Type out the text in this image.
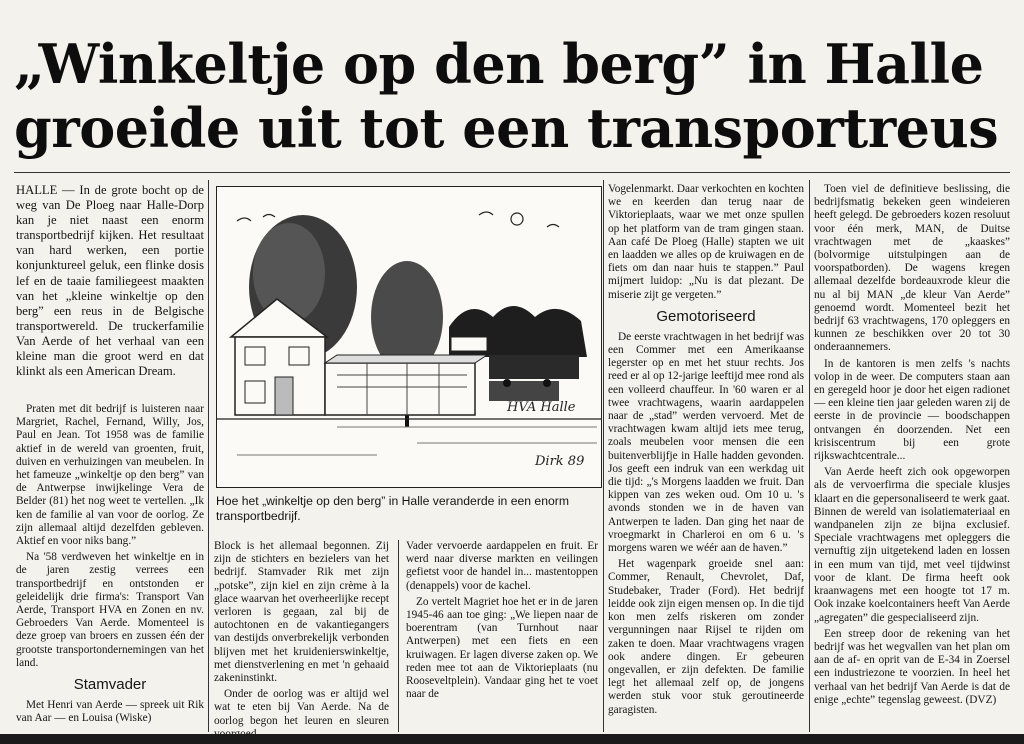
„Winkeltje op den berg” in Halle
groeide uit tot een transportreus

HALLE — In de grote bocht op de weg van De Ploeg naar Halle-Dorp kan je niet naast een enorm transportbedrijf kijken. Het resultaat van hard werken, een portie konjunktureel geluk, een flinke dosis lef en de taaie familiegeest maakten van het „kleine winkeltje op den berg” een reus in de Belgische transportwereld. De truckerfamilie Van Aerde of het verhaal van een kleine man die groot werd en dat klinkt als een American Dream.

Praten met dit bedrijf is luisteren naar Margriet, Rachel, Fernand, Willy, Jos, Paul en Jean. Tot 1958 was de familie aktief in de wereld van groenten, fruit, duiven en verhuizingen van meubelen. In het fameuze „winkeltje op den berg” van de Antwerpse inwijkelinge Vera de Belder (81) het nog weet te vertellen. „Ik ken de familie al van voor de oorlog. Ze zijn allemaal altijd dezelfden gebleven. Aktief en voor niks bang.”

Na '58 verdweven het winkeltje en in de jaren zestig verrees een transportbedrijf en ontstonden er geleidelijk drie firma's: Transport Van Aerde, Transport HVA en Zonen en nv. Gebroeders Van Aerde. Momenteel is deze groep van broers en zussen één der grootste transportondernemingen van het land.

Stamvader

Met Henri van Aerde — spreek uit Rik van Aar — en Louisa (Wiske)

HVA Halle
Dirk 89

Hoe het „winkeltje op den berg” in Halle veranderde in een enorm transportbedrijf.

Block is het allemaal begonnen. Zij zijn de stichters en bezielers van het bedrijf. Stamvader Rik met zijn „potske”, zijn kiel en zijn crème à la glace waarvan het overheerlijke recept verloren is gegaan, zal bij de autochtonen en de vakantiegangers van destijds onverbrekelijk verbonden blijven met het kruidenierswinkeltje, met dienstverlening en met 'n gehaaid zakeninstinkt.

Onder de oorlog was er altijd wel wat te eten bij Van Aerde. Na de oorlog begon het leuren en sleuren

Vader vervoerde aardappelen en fruit. Er werd naar diverse markten en veilingen gefietst voor de handel in... mastentoppen (denappels) voor de kachel.

Zo vertelt Magriet hoe het er in de jaren 1945-46 aan toe ging: „We liepen naar de boerentram (van Turnhout naar Antwerpen) met een fiets en een kruiwagen. Er lagen diverse zaken op. We reden mee tot aan de Viktorieplaats (nu Rooseveltplein). Vandaar ging het te voet naar de

Vogelenmarkt. Daar verkochten en kochten we en keerden dan terug naar de Viktorieplaats, waar we met onze spullen op het platform van de tram gingen staan. Aan café De Ploeg (Halle) stapten we uit en laadden we alles op de kruiwagen en de fiets om dan naar huis te stappen.” Paul mijmert luidop: „Nu is dat plezant. De miserie zijt ge vergeten.”

Gemotoriseerd

De eerste vrachtwagen in het bedrijf was een Commer met een Amerikaanse legerster op en met het stuur rechts. Jos reed er al op 12-jarige leeftijd mee rond als een volleerd chauffeur. In '60 waren er al twee vrachtwagens, waarin aardappelen naar de „stad” werden vervoerd. Met de vrachtwagen kwam altijd iets mee terug, zoals meubelen voor mensen die een buitenverblijfje in Halle hadden gevonden. Jos geeft een indruk van een werkdag uit die tijd: „'s Morgens laadden we fruit. Dan kippen van zes weken oud. Om 10 u. 's avonds stonden we in de haven van Antwerpen te laden. Dan ging het naar de vroegmarkt in Charleroi en om 6 u. 's morgens waren we wéér aan de haven.”

Het wagenpark groeide snel aan: Commer, Renault, Chevrolet, Daf, Studebaker, Trader (Ford). Het bedrijf leidde ook zijn eigen mensen op. In die tijd kon men zelfs riskeren om zonder vergunningen naar Rijsel te rijden om zaken te doen. Maar vrachtwagens vragen ook andere dingen. Er gebeuren ongevallen, er zijn defekten. De familie legt het allemaal zelf op, de jongens werden stuk voor stuk geroutineerde garagisten.

Toen viel de definitieve beslissing, die bedrijfsmatig bekeken geen windeieren heeft gelegd. De gebroeders kozen resoluut voor één merk, MAN, de Duitse vrachtwagen met de „kaaskes” (bolvormige uitstulpingen aan de voorspatborden). De wagens kregen allemaal dezelfde bordeauxrode kleur die nu al bij MAN „de kleur Van Aerde” genoemd wordt. Momenteel bezit het bedrijf 63 vrachtwagens, 170 opleggers en kunnen ze beschikken over 20 tot 30 onderaannemers.

In de kantoren is men zelfs 's nachts volop in de weer. De computers staan aan en geregeld hoor je door het eigen radionet — een kleine tien jaar geleden waren zij de eerste in de provincie — boodschappen ontvangen én doorzenden. Net een krisiscentrum bij een grote rijkswachtcentrale...

Van Aerde heeft zich ook opgeworpen als de vervoerfirma die speciale klusjes klaart en die gepersonaliseerd te werk gaat. Binnen de wereld van isolatiemateriaal en wandpanelen zijn ze bijna exclusief. Speciale vrachtwagens met opleggers die vernuftig zijn uitgetekend laden en lossen in een mum van tijd, met veel tijdwinst voor de klant. De firma heeft ook kraanwagens met een hoogte tot 17 m. Ook inzake koelcontainers heeft Van Aerde „agregaten” die gespecialiseerd zijn.

Een streep door de rekening van het bedrijf was het wegvallen van het plan om aan de af- en oprit van de E-34 in Zoersel een industriezone te voorzien. In heel het verhaal van het bedrijf Van Aerde is dat de enige „echte” tegenslag geweest. (DVZ)
